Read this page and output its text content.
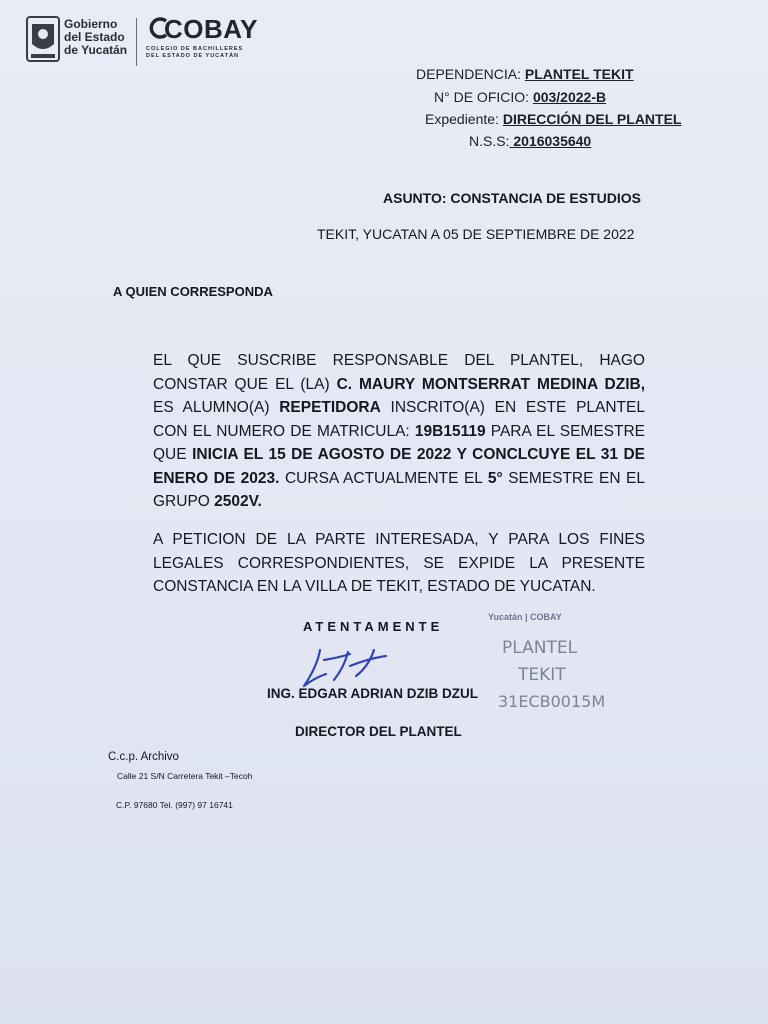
Gobierno
del Estado
de Yucatán
COBAY
COLEGIO DE BACHILLERES
DEL ESTADO DE YUCATÁN
DEPENDENCIA: PLANTEL TEKIT
N° DE OFICIO: 003/2022-B
Expediente: DIRECCIÓN DEL PLANTEL
N.S.S: 2016035640
ASUNTO: CONSTANCIA DE ESTUDIOS
TEKIT, YUCATAN A 05 DE SEPTIEMBRE DE 2022
A QUIEN CORRESPONDA
EL QUE SUSCRIBE RESPONSABLE DEL PLANTEL, HAGO CONSTAR QUE EL (LA) C. MAURY MONTSERRAT MEDINA DZIB, ES ALUMNO(A) REPETIDORA INSCRITO(A) EN ESTE PLANTEL CON EL NUMERO DE MATRICULA: 19B15119 PARA EL SEMESTRE QUE INICIA EL 15 DE AGOSTO DE 2022 Y CONCLCUYE EL 31 DE ENERO DE 2023. CURSA ACTUALMENTE EL 5° SEMESTRE EN EL GRUPO 2502V.
A PETICION DE LA PARTE INTERESADA, Y PARA LOS FINES LEGALES CORRESPONDIENTES, SE EXPIDE LA PRESENTE CONSTANCIA EN LA VILLA DE TEKIT, ESTADO DE YUCATAN.
ATENTAMENTE
ING. EDGAR ADRIAN DZIB DZUL
DIRECTOR DEL PLANTEL
Yucatán | COBAY
PLANTEL
TEKIT
31ECB0015M
C.c.p. Archivo
Calle 21 S/N Carretera Tekit –Tecoh
C.P. 97680 Tel. (997) 97 16741
